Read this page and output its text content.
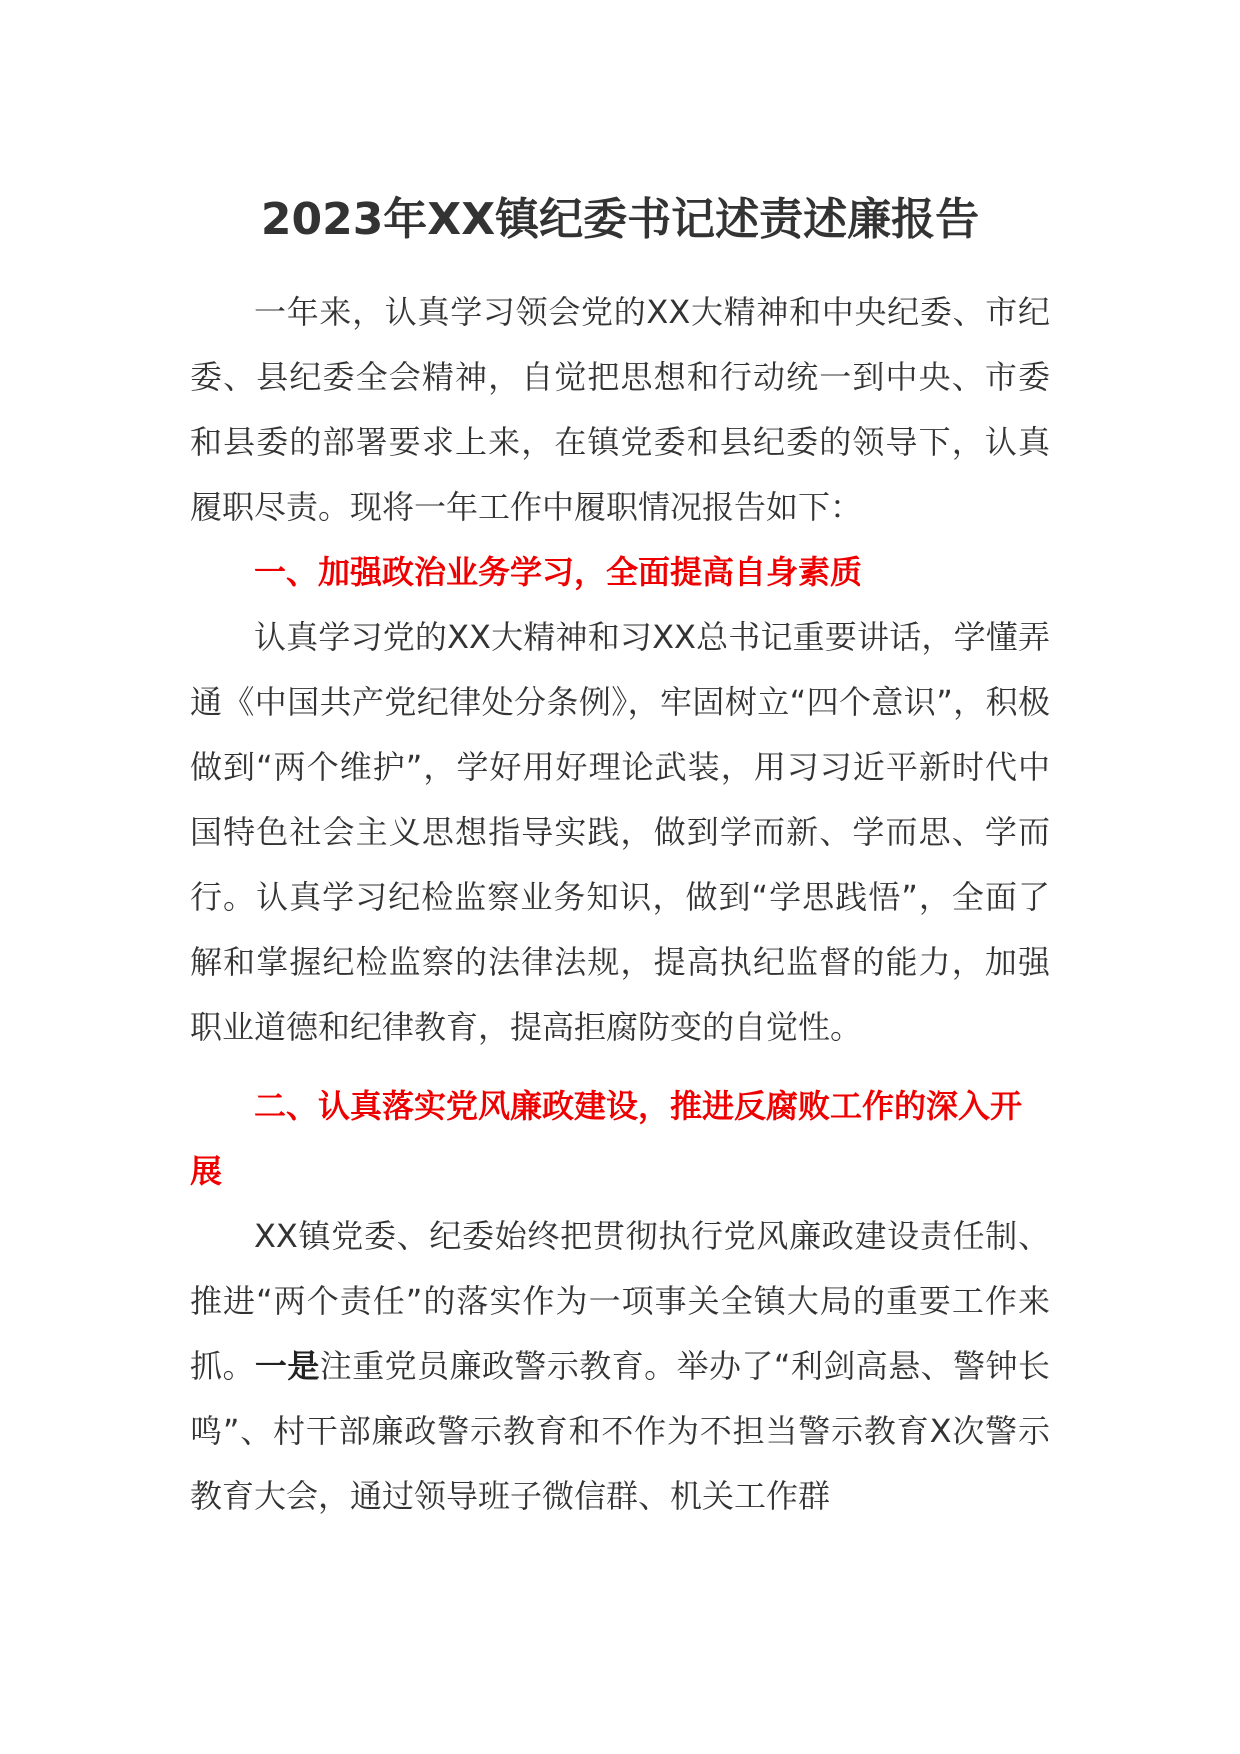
2023年XX镇纪委书记述责述廉报告

一年来，认真学习领会党的XX大精神和中央纪委、市纪委、县纪委全会精神，自觉把思想和行动统一到中央、市委和县委的部署要求上来，在镇党委和县纪委的领导下，认真履职尽责。现将一年工作中履职情况报告如下：

一、加强政治业务学习，全面提高自身素质

认真学习党的XX大精神和习XX总书记重要讲话，学懂弄通《中国共产党纪律处分条例》，牢固树立“四个意识”，积极做到“两个维护”，学好用好理论武装，用习习近平新时代中国特色社会主义思想指导实践，做到学而新、学而思、学而行。认真学习纪检监察业务知识，做到“学思践悟”，全面了解和掌握纪检监察的法律法规，提高执纪监督的能力，加强职业道德和纪律教育，提高拒腐防变的自觉性。

二、认真落实党风廉政建设，推进反腐败工作的深入开展

XX镇党委、纪委始终把贯彻执行党风廉政建设责任制、推进“两个责任”的落实作为一项事关全镇大局的重要工作来抓。一是注重党员廉政警示教育。举办了“利剑高悬、警钟长鸣”、村干部廉政警示教育和不作为不担当警示教育X次警示教育大会，通过领导班子微信群、机关工作群
